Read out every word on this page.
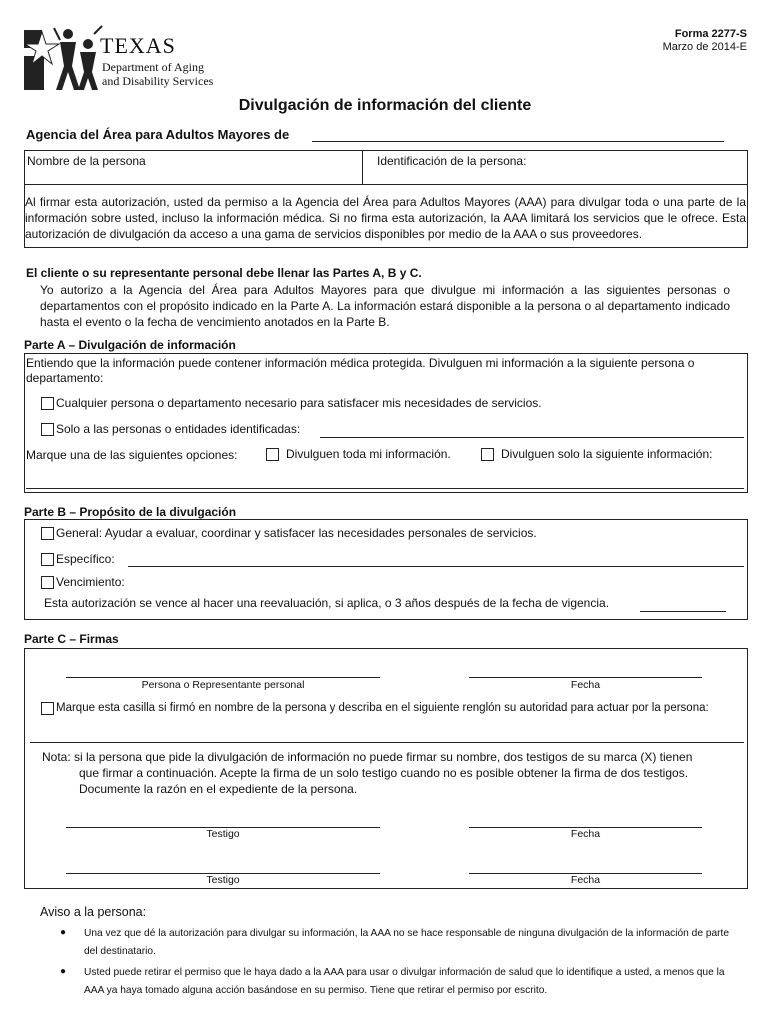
TEXAS
Department of Aging
and Disability Services
Forma 2277-S
Marzo de 2014-E
Divulgación de información del cliente
Agencia del Área para Adultos Mayores de
Nombre de la persona	Identificación de la persona:
Al firmar esta autorización, usted da permiso a la Agencia del Área para Adultos Mayores (AAA) para divulgar toda o una parte de la información sobre usted, incluso la información médica. Si no firma esta autorización, la AAA limitará los servicios que le ofrece. Esta autorización de divulgación da acceso a una gama de servicios disponibles por medio de la AAA o sus proveedores.
El cliente o su representante personal debe llenar las Partes A, B y C.
Yo autorizo a la Agencia del Área para Adultos Mayores para que divulgue mi información a las siguientes personas o departamentos con el propósito indicado en la Parte A. La información estará disponible a la persona o al departamento indicado hasta el evento o la fecha de vencimiento anotados en la Parte B.
Parte A – Divulgación de información
Entiendo que la información puede contener información médica protegida. Divulguen mi información a la siguiente persona o
departamento:
Cualquier persona o departamento necesario para satisfacer mis necesidades de servicios.
Solo a las personas o entidades identificadas:
Marque una de las siguientes opciones:	Divulguen toda mi información.	Divulguen solo la siguiente información:
Parte B – Propósito de la divulgación
General: Ayudar a evaluar, coordinar y satisfacer las necesidades personales de servicios.
Específico:
Vencimiento:
Esta autorización se vence al hacer una reevaluación, si aplica, o 3 años después de la fecha de vigencia.
Parte C – Firmas
Persona o Representante personal	Fecha
Marque esta casilla si firmó en nombre de la persona y describa en el siguiente renglón su autoridad para actuar por la persona:
Nota: si la persona que pide la divulgación de información no puede firmar su nombre, dos testigos de su marca (X) tienen
que firmar a continuación. Acepte la firma de un solo testigo cuando no es posible obtener la firma de dos testigos.
Documente la razón en el expediente de la persona.
Testigo	Fecha
Testigo	Fecha
Aviso a la persona:
● Una vez que dé la autorización para divulgar su información, la AAA no se hace responsable de ninguna divulgación de la información de parte
del destinatario.
● Usted puede retirar el permiso que le haya dado a la AAA para usar o divulgar información de salud que lo identifique a usted, a menos que la
AAA ya haya tomado alguna acción basándose en su permiso. Tiene que retirar el permiso por escrito.
